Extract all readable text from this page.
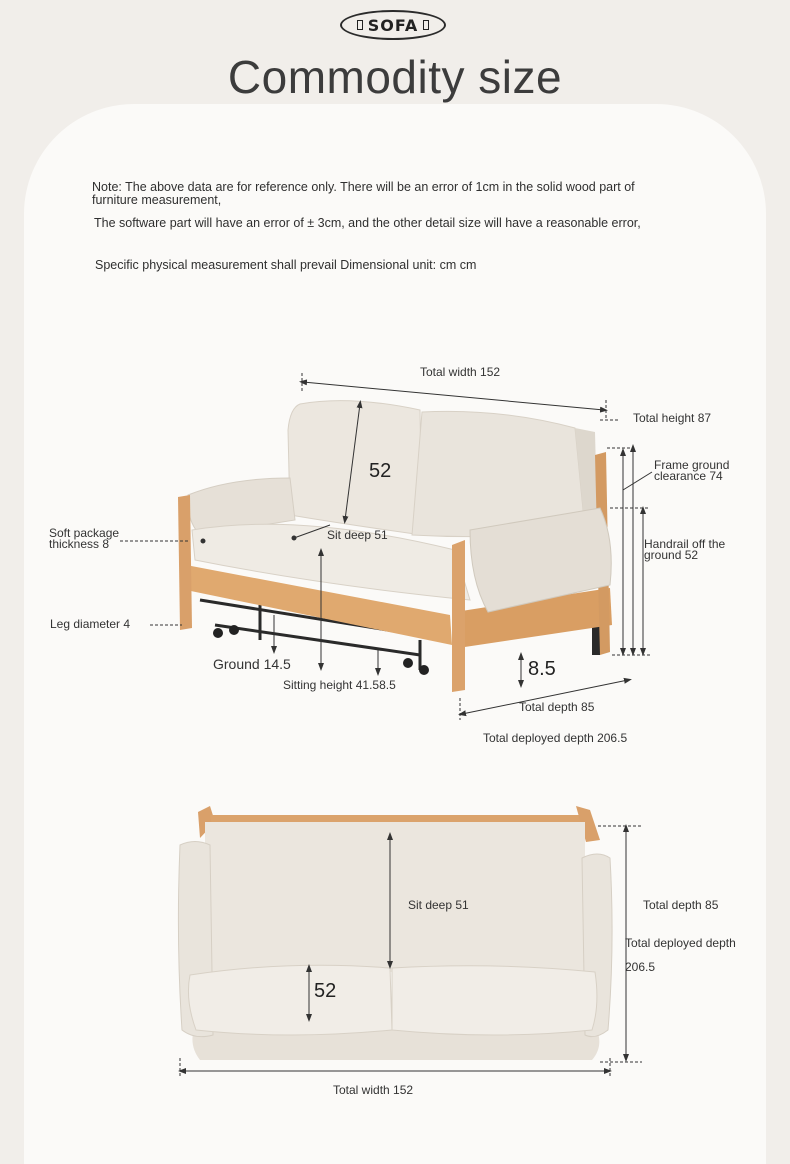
SOFA
Commodity size
Note: The above data are for reference only. There will be an error of 1cm in the solid wood part of furniture measurement,
The software part will have an error of ± 3cm, and the other detail size will have a reasonable error,
Specific physical measurement shall prevail Dimensional unit: cm cm
Total width 152
Total height 87
Frame ground clearance 74
52
Soft package thickness 8
Sit deep 51
Handrail off the ground 52
Leg diameter 4
Ground 14.5
Sitting height 41.58.5
8.5
Total depth 85
Total deployed depth 206.5
Sit deep 51	Total depth 85
Total deployed depth
206.5
52
Total width 152
